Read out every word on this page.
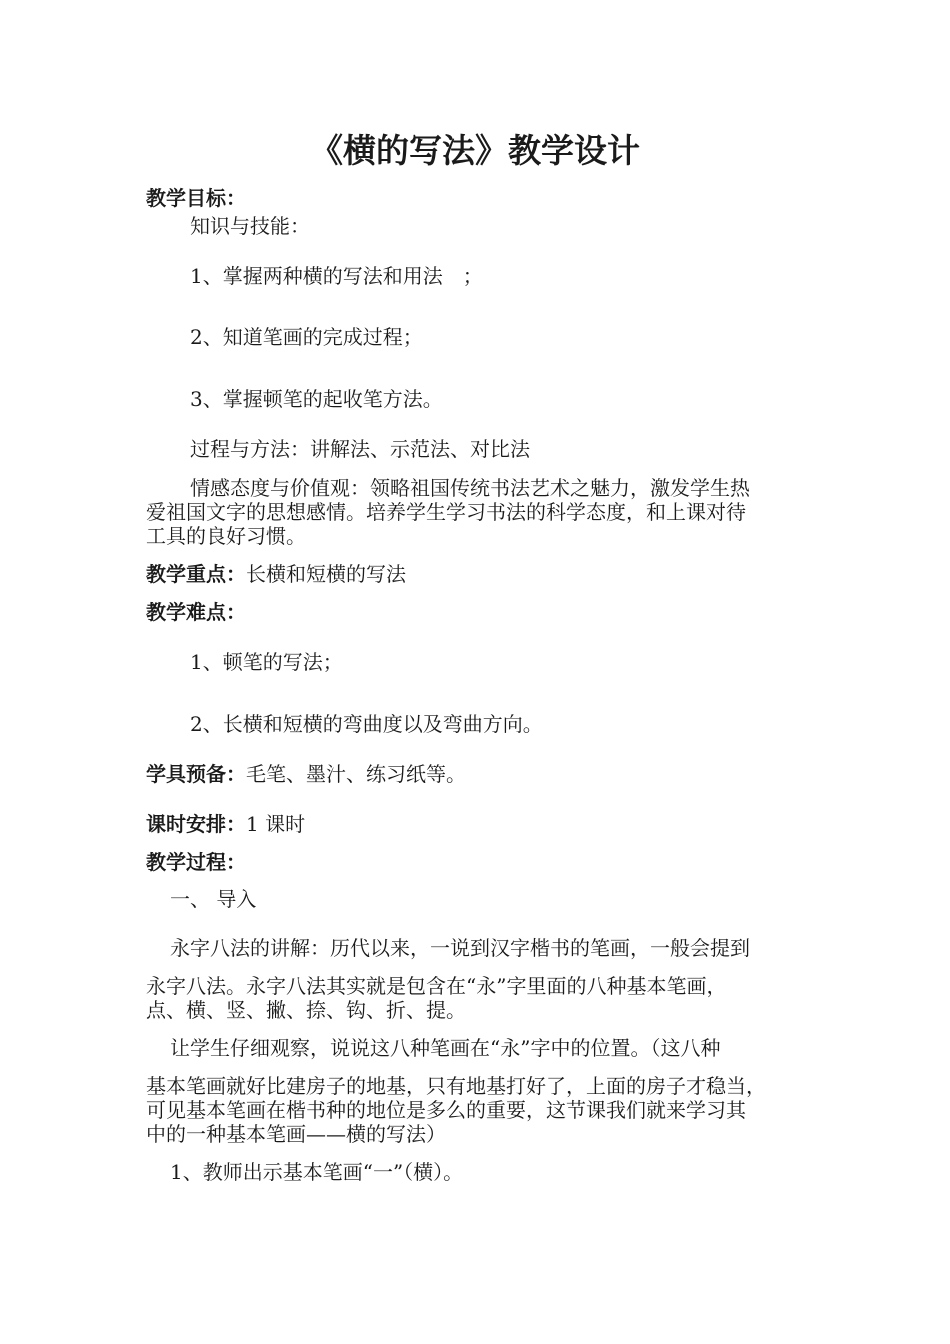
《横的写法》教学设计
教学目标：
知识与技能：
1、掌握两种横的写法和用法　；
2、知道笔画的完成过程；
3、掌握顿笔的起收笔方法。
过程与方法：讲解法、示范法、对比法
情感态度与价值观：领略祖国传统书法艺术之魅力，激发学生热
爱祖国文字的思想感情。培养学生学习书法的科学态度，和上课对待
工具的良好习惯。
教学重点：长横和短横的写法
教学难点：
1、顿笔的写法；
2、长横和短横的弯曲度以及弯曲方向。
学具预备：毛笔、墨汁、练习纸等。
课时安排：1 课时
教学过程：
一、 导入
永字八法的讲解：历代以来，一说到汉字楷书的笔画，一般会提到
永字八法。永字八法其实就是包含在“永”字里面的八种基本笔画，
点、横、竖、撇、捺、钩、折、提。
让学生仔细观察，说说这八种笔画在“永”字中的位置。（这八种
基本笔画就好比建房子的地基，只有地基打好了，上面的房子才稳当，
可见基本笔画在楷书种的地位是多么的重要，这节课我们就来学习其
中的一种基本笔画——横的写法）
1、教师出示基本笔画“一”（横）。
